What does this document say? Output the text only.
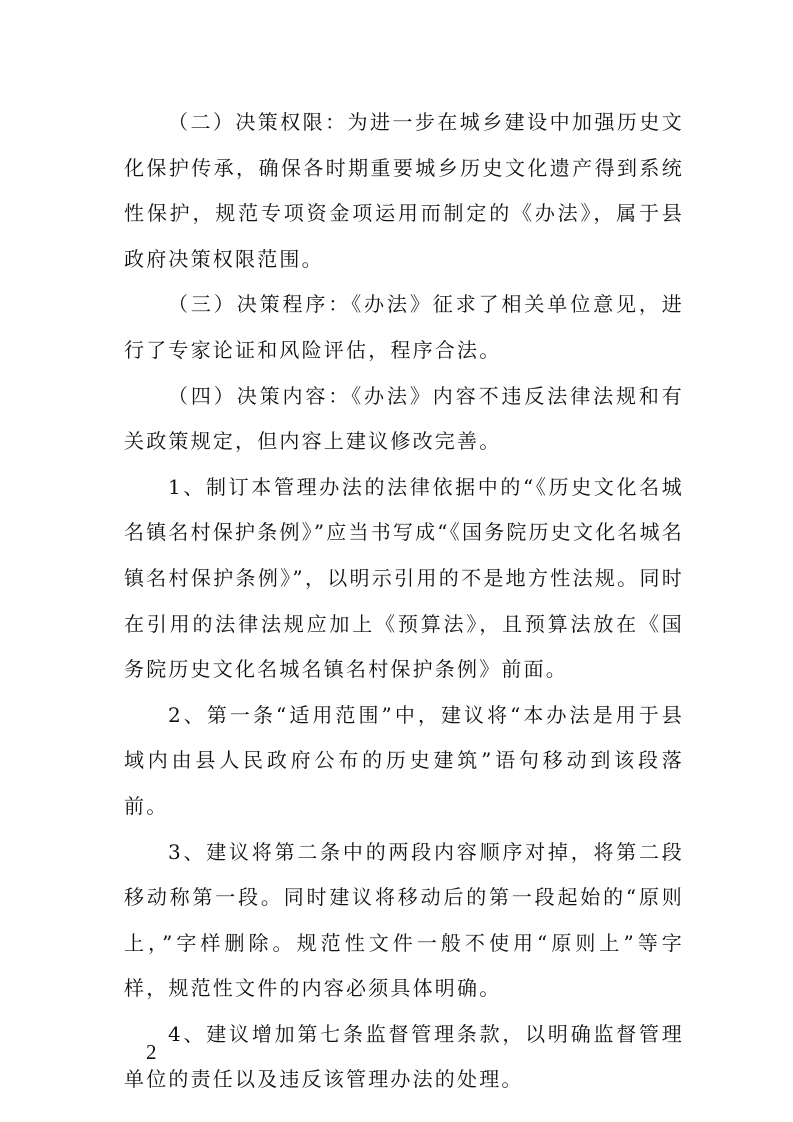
（二）决策权限：为进一步在城乡建设中加强历史文化保护传承，确保各时期重要城乡历史文化遗产得到系统性保护，规范专项资金项运用而制定的《办法》，属于县政府决策权限范围。

（三）决策程序：《办法》征求了相关单位意见，进行了专家论证和风险评估，程序合法。

（四）决策内容：《办法》内容不违反法律法规和有关政策规定，但内容上建议修改完善。

1、制订本管理办法的法律依据中的“《历史文化名城名镇名村保护条例》”应当书写成“《国务院历史文化名城名镇名村保护条例》”，以明示引用的不是地方性法规。同时在引用的法律法规应加上《预算法》，且预算法放在《国务院历史文化名城名镇名村保护条例》前面。

2、第一条“适用范围”中，建议将“本办法是用于县域内由县人民政府公布的历史建筑”语句移动到该段落前。

3、建议将第二条中的两段内容顺序对掉，将第二段移动称第一段。同时建议将移动后的第一段起始的“原则上，”字样删除。规范性文件一般不使用“原则上”等字样，规范性文件的内容必须具体明确。

4、建议增加第七条监督管理条款，以明确监督管理单位的责任以及违反该管理办法的处理。

2
